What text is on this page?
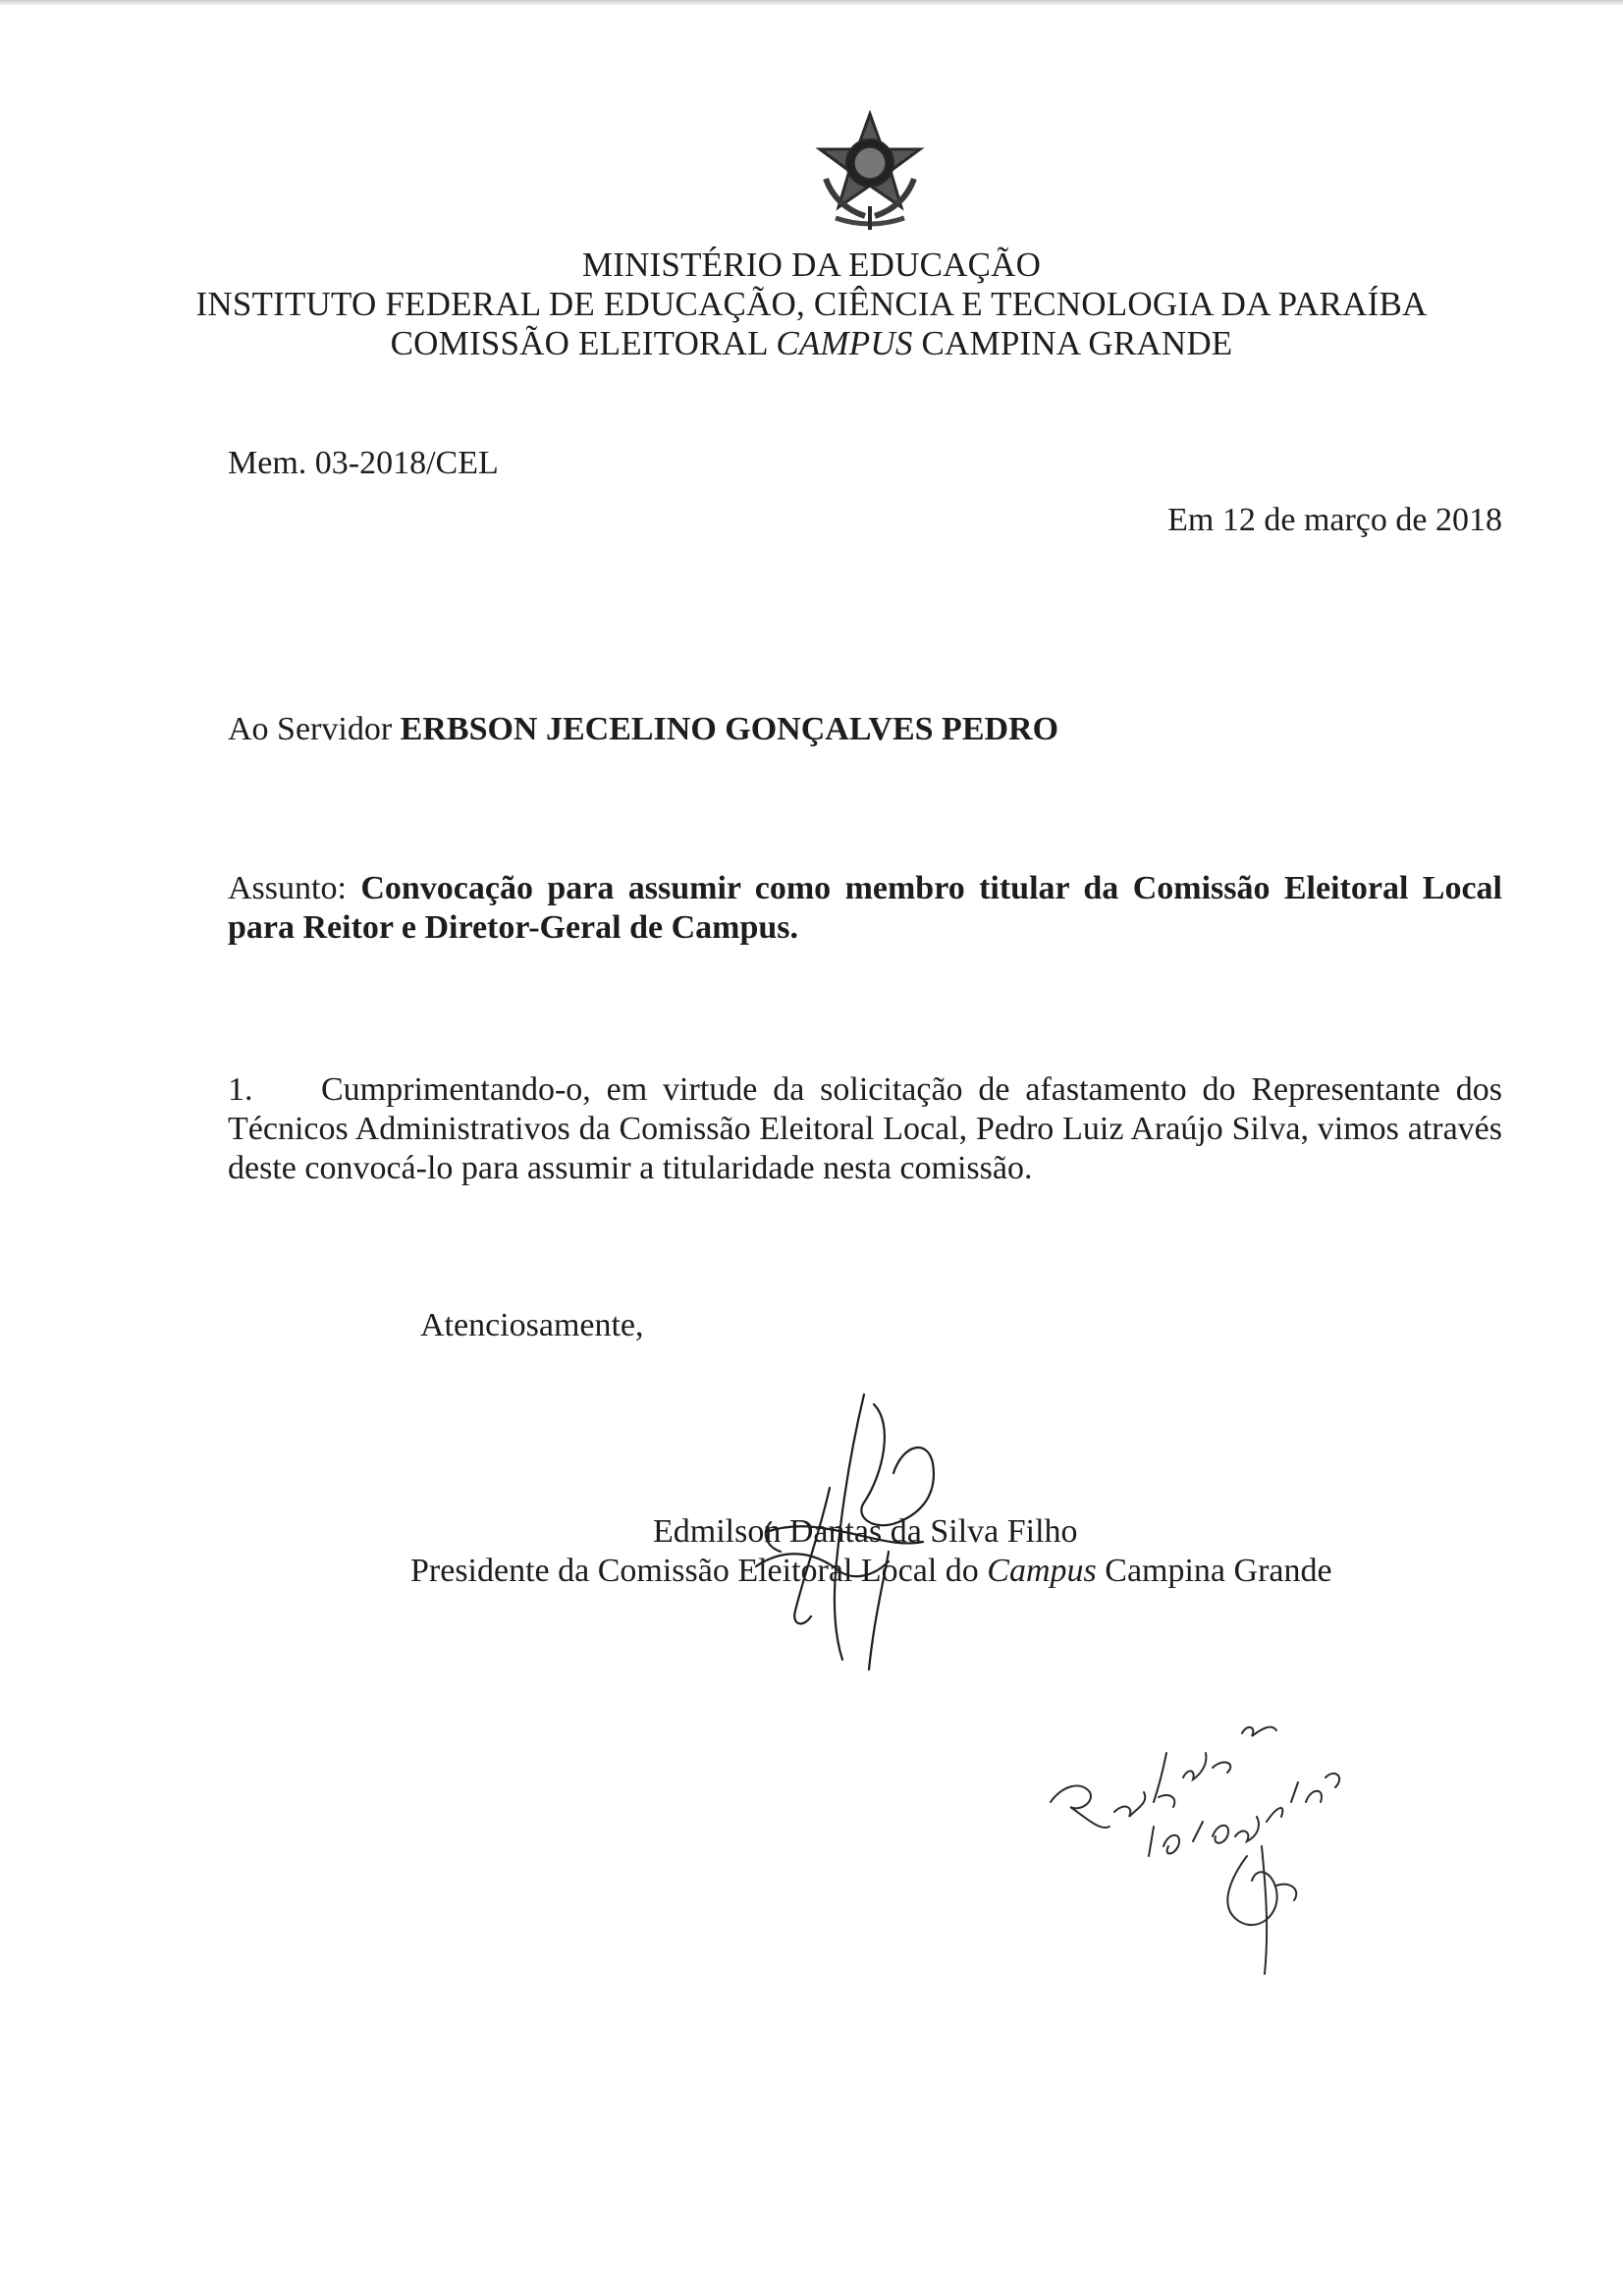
MINISTÉRIO DA EDUCAÇÃO
INSTITUTO FEDERAL DE EDUCAÇÃO, CIÊNCIA E TECNOLOGIA DA PARAÍBA
COMISSÃO ELEITORAL CAMPUS CAMPINA GRANDE
Mem. 03-2018/CEL
Em 12 de março de 2018
Ao Servidor ERBSON JECELINO GONÇALVES PEDRO
Assunto: Convocação para assumir como membro titular da Comissão Eleitoral Local para Reitor e Diretor-Geral de Campus.
1. Cumprimentando-o, em virtude da solicitação de afastamento do Representante dos Técnicos Administrativos da Comissão Eleitoral Local, Pedro Luiz Araújo Silva, vimos através deste convocá-lo para assumir a titularidade nesta comissão.
Atenciosamente,
Edmilson Dantas da Silva Filho
Presidente da Comissão Eleitoral Local do Campus Campina Grande
